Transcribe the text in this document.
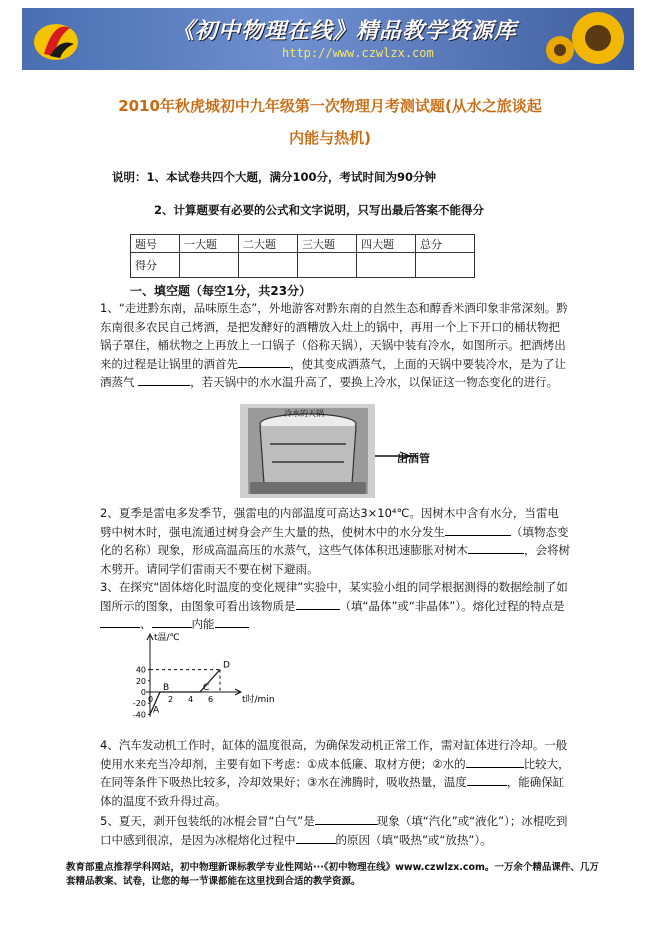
《初中物理在线》精品教学资源库
http://www.czwlzx.com
2010年秋虎城初中九年级第一次物理月考测试题(从水之旅谈起
内能与热机)
说明：1、本试卷共四个大题，满分100分，考试时间为90分钟
2、计算题要有必要的公式和文字说明，只写出最后答案不能得分
题号	一大题	二大题	三大题	四大题	总分
得分					
一、填空题（每空1分，共23分）

1、“走进黔东南，品味原生态”，外地游客对黔东南的自然生态和醇香米酒印象非常深刻。黔东南很多农民自己烤酒，是把发酵好的酒糟放入灶上的锅中，再用一个上下开口的桶状物把锅子罩住，桶状物之上再放上一口锅子（俗称天锅），天锅中装有冷水，如图所示。把酒烤出来的过程是让锅里的酒首先	，使其变成酒蒸气，上面的天锅中要装冷水，是为了让酒蒸气	，若天锅中的水水温升高了，要换上冷水，以保证这一物态变化的进行。

冷水的天锅
出酒管

2、夏季是雷电多发季节，强雷电的内部温度可高达3×10⁴℃。因树木中含有水分，当雷电劈中树木时，强电流通过树身会产生大量的热，使树木中的水分发生	（填物态变化的名称）现象，形成高温高压的水蒸气，这些气体体积迅速膨胀对树木	，会将树木劈开。请同学们雷雨天不要在树下避雨。

3、在探究“固体熔化时温度的变化规律”实验中，某实验小组的同学根据测得的数据绘制了如图所示的图象，由图象可看出该物质是	（填“晶体”或“非晶体”）。熔化过程的特点是、	内能

t温/℃
t时/min
-40
-20
0
20
40
0 2 4 6
A
B	C
D

4、汽车发动机工作时，缸体的温度很高，为确保发动机正常工作，需对缸体进行冷却。一般使用水来充当冷却剂，主要有如下考虑：①成本低廉、取材方便；②水的	比较大，在同等条件下吸热比较多，冷却效果好；③水在沸腾时，吸收热量，温度	，能确保缸体的温度不致升得过高。

5、夏天，剥开包装纸的冰棍会冒“白气”是	现象（填“汽化”或“液化”）；冰棍吃到口中感到很凉，是因为冰棍熔化过程中	的原因（填“吸热”或“放热”）。

教育部重点推荐学科网站，初中物理新课标教学专业性网站···《初中物理在线》www.czwlzx.com。一万余个精品课件、几万套精品教案、试卷，让您的每一节课都能在这里找到合适的教学资源。
